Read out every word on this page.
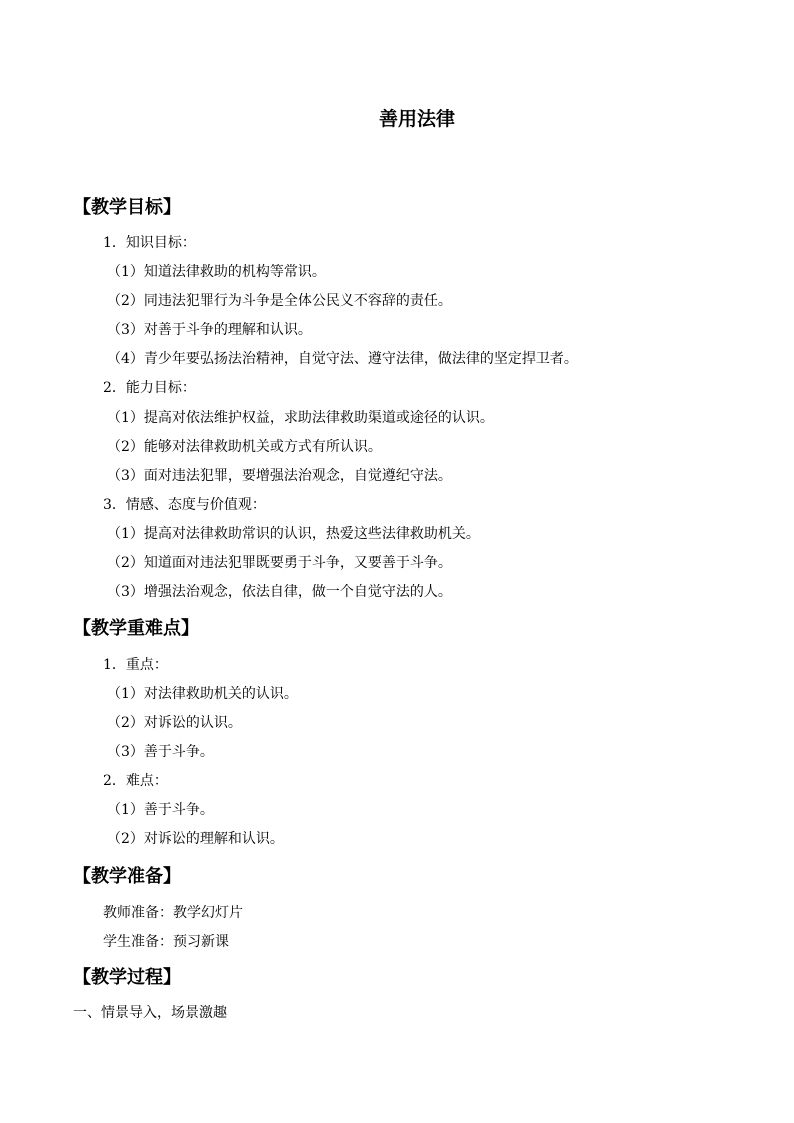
善用法律
【教学目标】
1．知识目标：
（1）知道法律救助的机构等常识。
（2）同违法犯罪行为斗争是全体公民义不容辞的责任。
（3）对善于斗争的理解和认识。
（4）青少年要弘扬法治精神，自觉守法、遵守法律，做法律的坚定捍卫者。
2．能力目标：
（1）提高对依法维护权益，求助法律救助渠道或途径的认识。
（2）能够对法律救助机关或方式有所认识。
（3）面对违法犯罪，要增强法治观念，自觉遵纪守法。
3．情感、态度与价值观：
（1）提高对法律救助常识的认识，热爱这些法律救助机关。
（2）知道面对违法犯罪既要勇于斗争，又要善于斗争。
（3）增强法治观念，依法自律，做一个自觉守法的人。
【教学重难点】
1．重点：
（1）对法律救助机关的认识。
（2）对诉讼的认识。
（3）善于斗争。
2．难点：
（1）善于斗争。
（2）对诉讼的理解和认识。
【教学准备】
教师准备：教学幻灯片
学生准备：预习新课
【教学过程】
一、情景导入，场景激趣
